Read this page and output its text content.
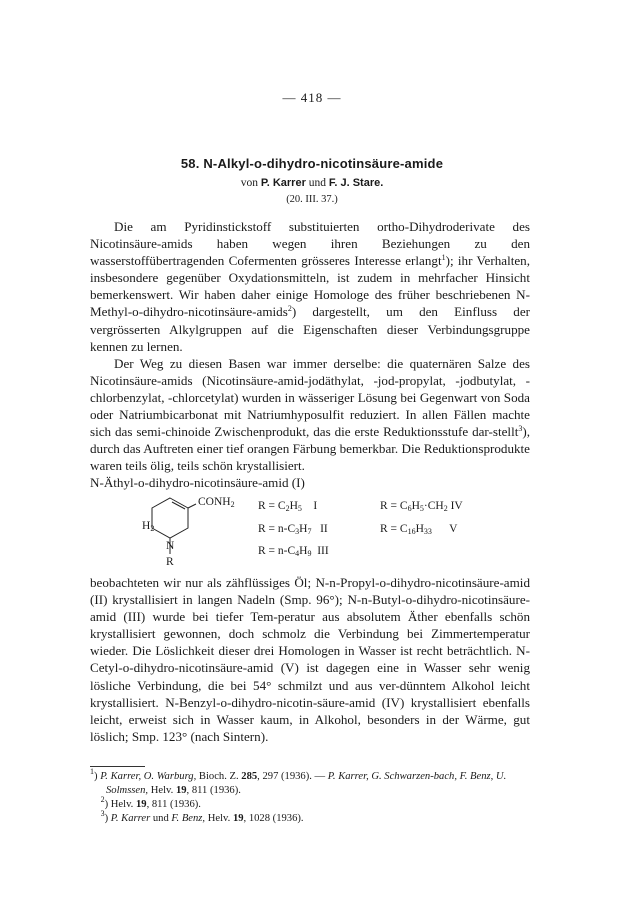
— 418 —
58. N-Alkyl-o-dihydro-nicotinsäure-amide
von P. Karrer und F. J. Stare.
(20. III. 37.)

Die am Pyridinstickstoff substituierten ortho-Dihydroderivate des Nicotinsäure-amids haben wegen ihren Beziehungen zu den wasserstoffübertragenden Cofermenten grösseres Interesse erlangt$^1$); ihr Verhalten, insbesondere gegenüber Oxydationsmitteln, ist zudem in mehrfacher Hinsicht bemerkenswert. Wir haben daher einige Homologe des früher beschriebenen N-Methyl-o-dihydro-nicotinsäure-amids$^2$) dargestellt, um den Einfluss der vergrösserten Alkylgruppen auf die Eigenschaften dieser Verbindungsgruppe kennen zu lernen.

Der Weg zu diesen Basen war immer derselbe: die quaternären Salze des Nicotinsäure-amids (Nicotinsäure-amid-jodäthylat, -jod-propylat, -jodbutylat, -chlorbenzylat, -chlorcetylat) wurden in wässeriger Lösung bei Gegenwart von Soda oder Natriumbicarbonat mit Natriumhyposulfit reduziert. In allen Fällen machte sich das semi-chinoide Zwischenprodukt, das die erste Reduktionsstufe dar-stellt$^3$), durch das Auftreten einer tief orangen Färbung bemerkbar. Die Reduktionsprodukte waren teils ölig, teils schön krystallisiert.

N-Äthyl-o-dihydro-nicotinsäure-amid (I)

$CONH_2$
$H_2$
N
R
$R = C_2H_5$ I
$R = n-C_3H_7$ II
$R = n-C_4H_9$ III
$R = C_6H_5\cdot CH_2$ IV
$R = C_{16}H_{33}$ V

beobachteten wir nur als zähflüssiges Öl; N-n-Propyl-o-dihydro-nicotinsäure-amid (II) krystallisiert in langen Nadeln (Smp. 96°); N-n-Butyl-o-dihydro-nicotinsäure-amid (III) wurde bei tiefer Tem-peratur aus absolutem Äther ebenfalls schön krystallisiert gewonnen, doch schmolz die Verbindung bei Zimmertemperatur wieder. Die Löslichkeit dieser drei Homologen in Wasser ist recht beträchtlich. N-Cetyl-o-dihydro-nicotinsäure-amid (V) ist dagegen eine in Wasser sehr wenig lösliche Verbindung, die bei 54° schmilzt und aus ver-dünntem Alkohol leicht krystallisiert. N-Benzyl-o-dihydro-nicotin-säure-amid (IV) krystallisiert ebenfalls leicht, erweist sich in Wasser kaum, in Alkohol, besonders in der Wärme, gut löslich; Smp. 123° (nach Sintern).

$^1$) P. Karrer, O. Warburg, Bioch. Z. 285, 297 (1936). — P. Karrer, G. Schwarzen-bach, F. Benz, U. Solmssen, Helv. 19, 811 (1936).

$^2$) Helv. 19, 811 (1936).

$^3$) P. Karrer und F. Benz, Helv. 19, 1028 (1936).
